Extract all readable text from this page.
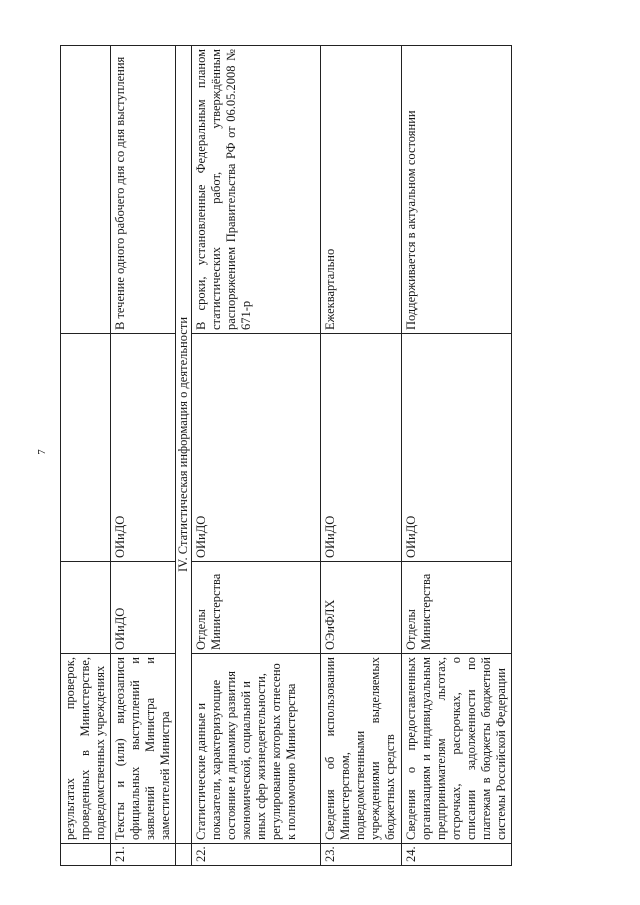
7
	результатах проверок, проведенных в Министерстве, подведомственных учреждениях			
21.	Тексты и (или) видеозаписи официальных выступлений и заявлений Министра и заместителей Министра	ОИиДО	ОИиДО	В течение одного рабочего дня со дня выступления
	IV. Статистическая информация о деятельности			
22.	Статистические данные и показатели, характеризующие состояние и динамику развития экономической, социальной и иных сфер жизнедеятельности, регулирование которых отнесено к полномочию Министерства	Отделы Министерства	ОИиДО	В сроки, установленные Федеральным планом статистических работ, утверждённым распоряжением Правительства РФ от 06.05.2008 № 671-р
23.	Сведения об использовании Министерством, подведомственными учреждениями выделяемых бюджетных средств	ОЭиФЛХ	ОИиДО	Ежеквартально
24.	Сведения о предоставленных организациям и индивидуальным предпринимателям льготах, отсрочках, рассрочках, о списании задолженности по платежам в бюджеты бюджетной системы Российской Федерации	Отделы Министерства	ОИиДО	Поддерживается в актуальном состоянии
